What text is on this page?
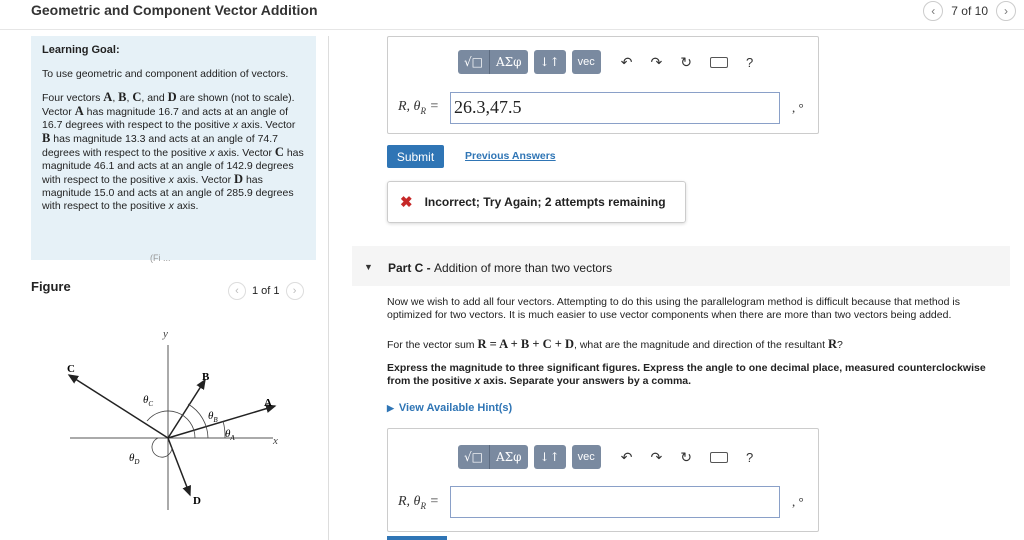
Geometric and Component Vector Addition	‹ 7 of 10 ›
Learning Goal:
To use geometric and component addition of vectors.
Four vectors A, B, C, and D are shown (not to scale). Vector A has magnitude 16.7 and acts at an angle of 16.7 degrees with respect to the positive x axis. Vector B has magnitude 13.3 and acts at an angle of 74.7 degrees with respect to the positive x axis. Vector C has magnitude 46.1 and acts at an angle of 142.9 degrees with respect to the positive x axis. Vector D has magnitude 15.0 and acts at an angle of 285.9 degrees with respect to the positive x axis.
(Fi ...
Figure	‹ 1 of 1 ›
y
x
C
B
A
D
$\theta_C$
$\theta_B$
$\theta_A$
$\theta_D$
√□	ΑΣφ	↓↑	vec	↶ ↷ ↻	?
R, $\theta_R = 26.3,47.5$	, °
Submit	Previous Answers
✖ Incorrect; Try Again; 2 attempts remaining
▼ Part C - Addition of more than two vectors
Now we wish to add all four vectors. Attempting to do this using the parallelogram method is difficult because that method is optimized for two vectors. It is much easier to use vector components when there are more than two vectors being added.
For the vector sum R = A + B + C + D, what are the magnitude and direction of the resultant R?
Express the magnitude to three significant figures. Express the angle to one decimal place, measured counterclockwise from the positive x axis. Separate your answers by a comma.
▶ View Available Hint(s)
√□	ΑΣφ	↓↑	vec	↶ ↷ ↻	?
R, $\theta_R$ =	, °
